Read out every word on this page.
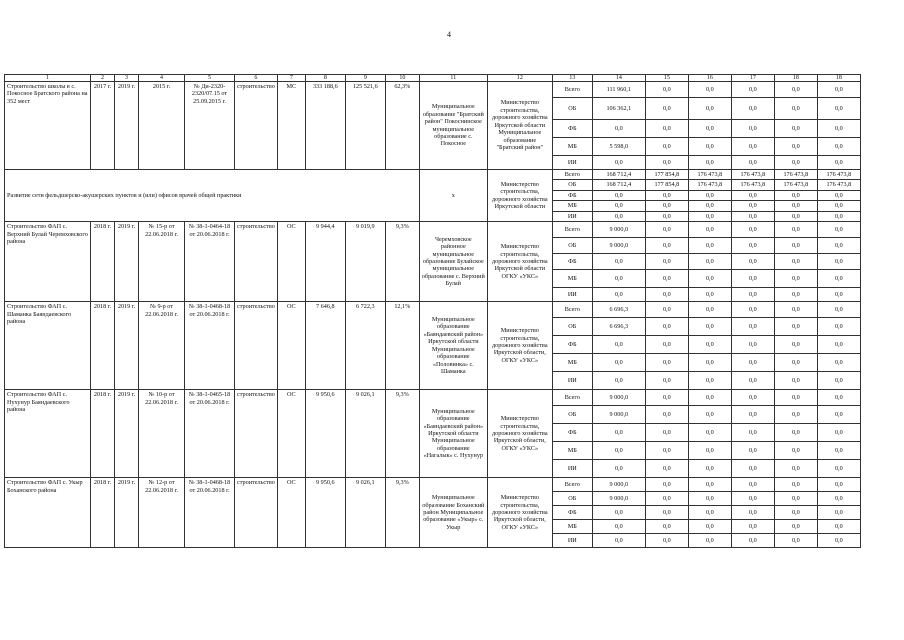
4
1	2	3	4	5	6	7	8	9	10	11	12	13	14	15	16	17	18	18
Строительство школы в с. Покосное Братского района на 352 мест	2017 г.	2019 г.	2015 г.	№ Ди-2320-2320/07.15 от 25.09.2015 г.	строительство	МС	333 188,6	125 521,6	62,3%	Муниципальное образование "Братский район" Покоснинское муниципальное образование с. Покосное	Министерство строительства, дорожного хозяйства Иркутской области Муниципальное образование "Братский район"	Всего	111 960,1	0,0	0,0	0,0	0,0	0,0
												ОБ	106 362,1	0,0	0,0	0,0	0,0	0,0
												ФБ	0,0	0,0	0,0	0,0	0,0	0,0
												МБ	5 598,0	0,0	0,0	0,0	0,0	0,0
												ИИ	0,0	0,0	0,0	0,0	0,0	0,0
Развитие сети фельдшерско-акушерских пунктов и (или) офисов врачей общей практики										х	Министерство строительства, дорожного хозяйства Иркутской области	Всего	168 712,4	177 854,8	176 473,8	176 473,8	176 473,8	176 473,8
												ОБ	168 712,4	177 854,8	176 473,8	176 473,8	176 473,8	176 473,8
												ФБ	0,0	0,0	0,0	0,0	0,0	0,0
												МБ	0,0	0,0	0,0	0,0	0,0	0,0
												ИИ	0,0	0,0	0,0	0,0	0,0	0,0
Строительство ФАП с. Верхний Булай Черемховского района	2018 г.	2019 г.	№ 15-р от 22.06.2018 г.	№ 38-1-0464-18 от 20.06.2018 г.	строительство	ОС	9 944,4	9 019,9	9,3%	Черемховское районное муниципальное образование Булайское муниципальное образование с. Верхний Булай	Министерство строительства, дорожного хозяйства Иркутской области ОГКУ «УКС»	Всего	9 000,0	0,0	0,0	0,0	0,0	0,0
												ОБ	9 000,0	0,0	0,0	0,0	0,0	0,0
												ФБ	0,0	0,0	0,0	0,0	0,0	0,0
												МБ	0,0	0,0	0,0	0,0	0,0	0,0
												ИИ	0,0	0,0	0,0	0,0	0,0	0,0
Строительство ФАП с. Шаманка Баяндаевского района	2018 г.	2019 г.	№ 9-р от 22.06.2018 г.	№ 38-1-0468-18 от 20.06.2018 г.	строительство	ОС	7 646,8	6 722,3	12,1%	Муниципальное образование «Баяндаевский район» Иркутской области Муниципальное образование «Половинка» с. Шаманка	Министерство строительства, дорожного хозяйства Иркутской области, ОГКУ «УКС»	Всего	6 696,3	0,0	0,0	0,0	0,0	0,0
												ОБ	6 696,3	0,0	0,0	0,0	0,0	0,0
												ФБ	0,0	0,0	0,0	0,0	0,0	0,0
												МБ	0,0	0,0	0,0	0,0	0,0	0,0
												ИИ	0,0	0,0	0,0	0,0	0,0	0,0
Строительство ФАП с. Нухунур Баяндаевского района	2018 г.	2019 г.	№ 10-р от 22.06.2018 г.	№ 38-1-0465-18 от 20.06.2018 г.	строительство	ОС	9 950,6	9 026,1	9,3%	Муниципальное образование «Баяндаевский район» Иркутской области Муниципальное образование «Нагалык» с. Нухунур	Министерство строительства, дорожного хозяйства Иркутской области, ОГКУ «УКС»	Всего	9 000,0	0,0	0,0	0,0	0,0	0,0
												ОБ	9 000,0	0,0	0,0	0,0	0,0	0,0
												ФБ	0,0	0,0	0,0	0,0	0,0	0,0
												МБ	0,0	0,0	0,0	0,0	0,0	0,0
												ИИ	0,0	0,0	0,0	0,0	0,0	0,0
Строительство ФАП с. Укыр Боханского района	2018 г.	2019 г.	№ 12-р от 22.06.2018 г.	№ 38-1-0468-18 от 20.06.2018 г.	строительство	ОС	9 950,6	9 026,1	9,3%	Муниципальное образование Боханский район Муниципальное образование «Укыр» с. Укыр	Министерство строительства, дорожного хозяйства Иркутской области, ОГКУ «УКС»	Всего	9 000,0	0,0	0,0	0,0	0,0	0,0
												ОБ	9 000,0	0,0	0,0	0,0	0,0	0,0
												ФБ	0,0	0,0	0,0	0,0	0,0	0,0
												МБ	0,0	0,0	0,0	0,0	0,0	0,0
												ИИ	0,0	0,0	0,0	0,0	0,0	0,0
